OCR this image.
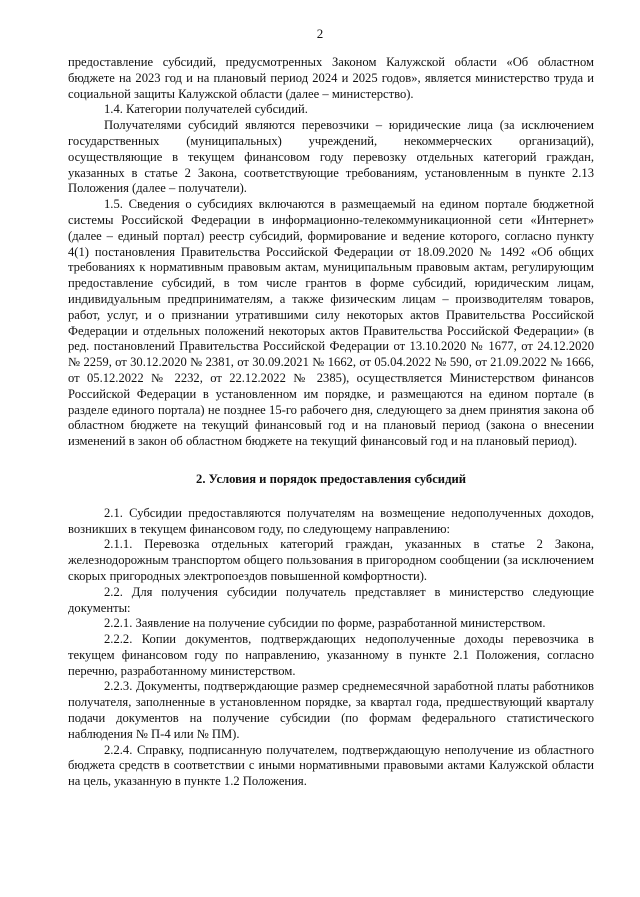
2

предоставление субсидий, предусмотренных Законом Калужской области «Об областном бюджете на 2023 год и на плановый период 2024 и 2025 годов», является министерство труда и социальной защиты Калужской области (далее – министерство).

1.4. Категории получателей субсидий.

Получателями субсидий являются перевозчики – юридические лица (за исключением государственных (муниципальных) учреждений, некоммерческих организаций), осуществляющие в текущем финансовом году перевозку отдельных категорий граждан, указанных в статье 2 Закона, соответствующие требованиям, установленным в пункте 2.13 Положения (далее – получатели).

1.5. Сведения о субсидиях включаются в размещаемый на едином портале бюджетной системы Российской Федерации в информационно-телекоммуникационной сети «Интернет» (далее – единый портал) реестр субсидий, формирование и ведение которого, согласно пункту 4(1) постановления Правительства Российской Федерации от 18.09.2020 № 1492 «Об общих требованиях к нормативным правовым актам, муниципальным правовым актам, регулирующим предоставление субсидий, в том числе грантов в форме субсидий, юридическим лицам, индивидуальным предпринимателям, а также физическим лицам – производителям товаров, работ, услуг, и о признании утратившими силу некоторых актов Правительства Российской Федерации и отдельных положений некоторых актов Правительства Российской Федерации» (в ред. постановлений Правительства Российской Федерации от 13.10.2020 № 1677, от 24.12.2020 № 2259, от 30.12.2020 № 2381, от 30.09.2021 № 1662, от 05.04.2022 № 590, от 21.09.2022 № 1666, от 05.12.2022 № 2232, от 22.12.2022 № 2385), осуществляется Министерством финансов Российской Федерации в установленном им порядке, и размещаются на едином портале (в разделе единого портала) не позднее 15-го рабочего дня, следующего за днем принятия закона об областном бюджете на текущий финансовый год и на плановый период (закона о внесении изменений в закон об областном бюджете на текущий финансовый год и на плановый период).

2. Условия и порядок предоставления субсидий

2.1. Субсидии предоставляются получателям на возмещение недополученных доходов, возникших в текущем финансовом году, по следующему направлению:

2.1.1. Перевозка отдельных категорий граждан, указанных в статье 2 Закона, железнодорожным транспортом общего пользования в пригородном сообщении (за исключением скорых пригородных электропоездов повышенной комфортности).

2.2. Для получения субсидии получатель представляет в министерство следующие документы:

2.2.1. Заявление на получение субсидии по форме, разработанной министерством.

2.2.2. Копии документов, подтверждающих недополученные доходы перевозчика в текущем финансовом году по направлению, указанному в пункте 2.1 Положения, согласно перечню, разработанному министерством.

2.2.3. Документы, подтверждающие размер среднемесячной заработной платы работников получателя, заполненные в установленном порядке, за квартал года, предшествующий кварталу подачи документов на получение субсидии (по формам федерального статистического наблюдения № П-4 или № ПМ).

2.2.4. Справку, подписанную получателем, подтверждающую неполучение из областного бюджета средств в соответствии с иными нормативными правовыми актами Калужской области на цель, указанную в пункте 1.2 Положения.
